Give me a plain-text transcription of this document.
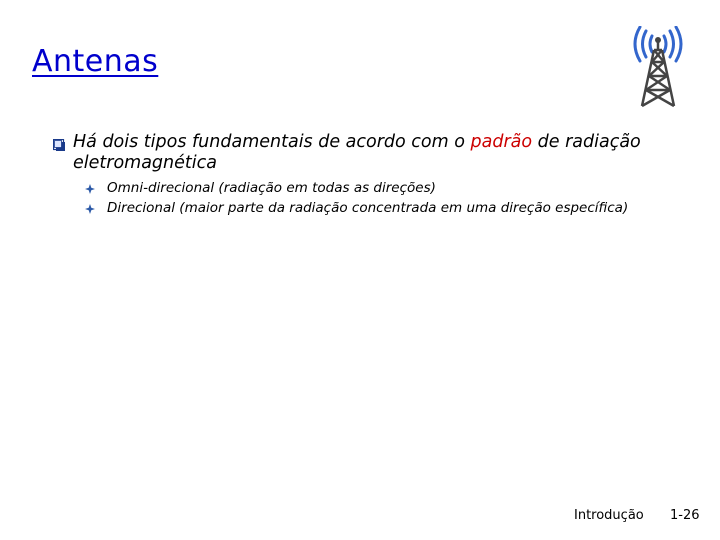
Antenas
Há dois tipos fundamentais de acordo com o padrão de radiação eletromagnética
Omni-direcional (radiação em todas as direções)
Direcional (maior parte da radiação concentrada em uma direção específica)
Introdução 1-26
